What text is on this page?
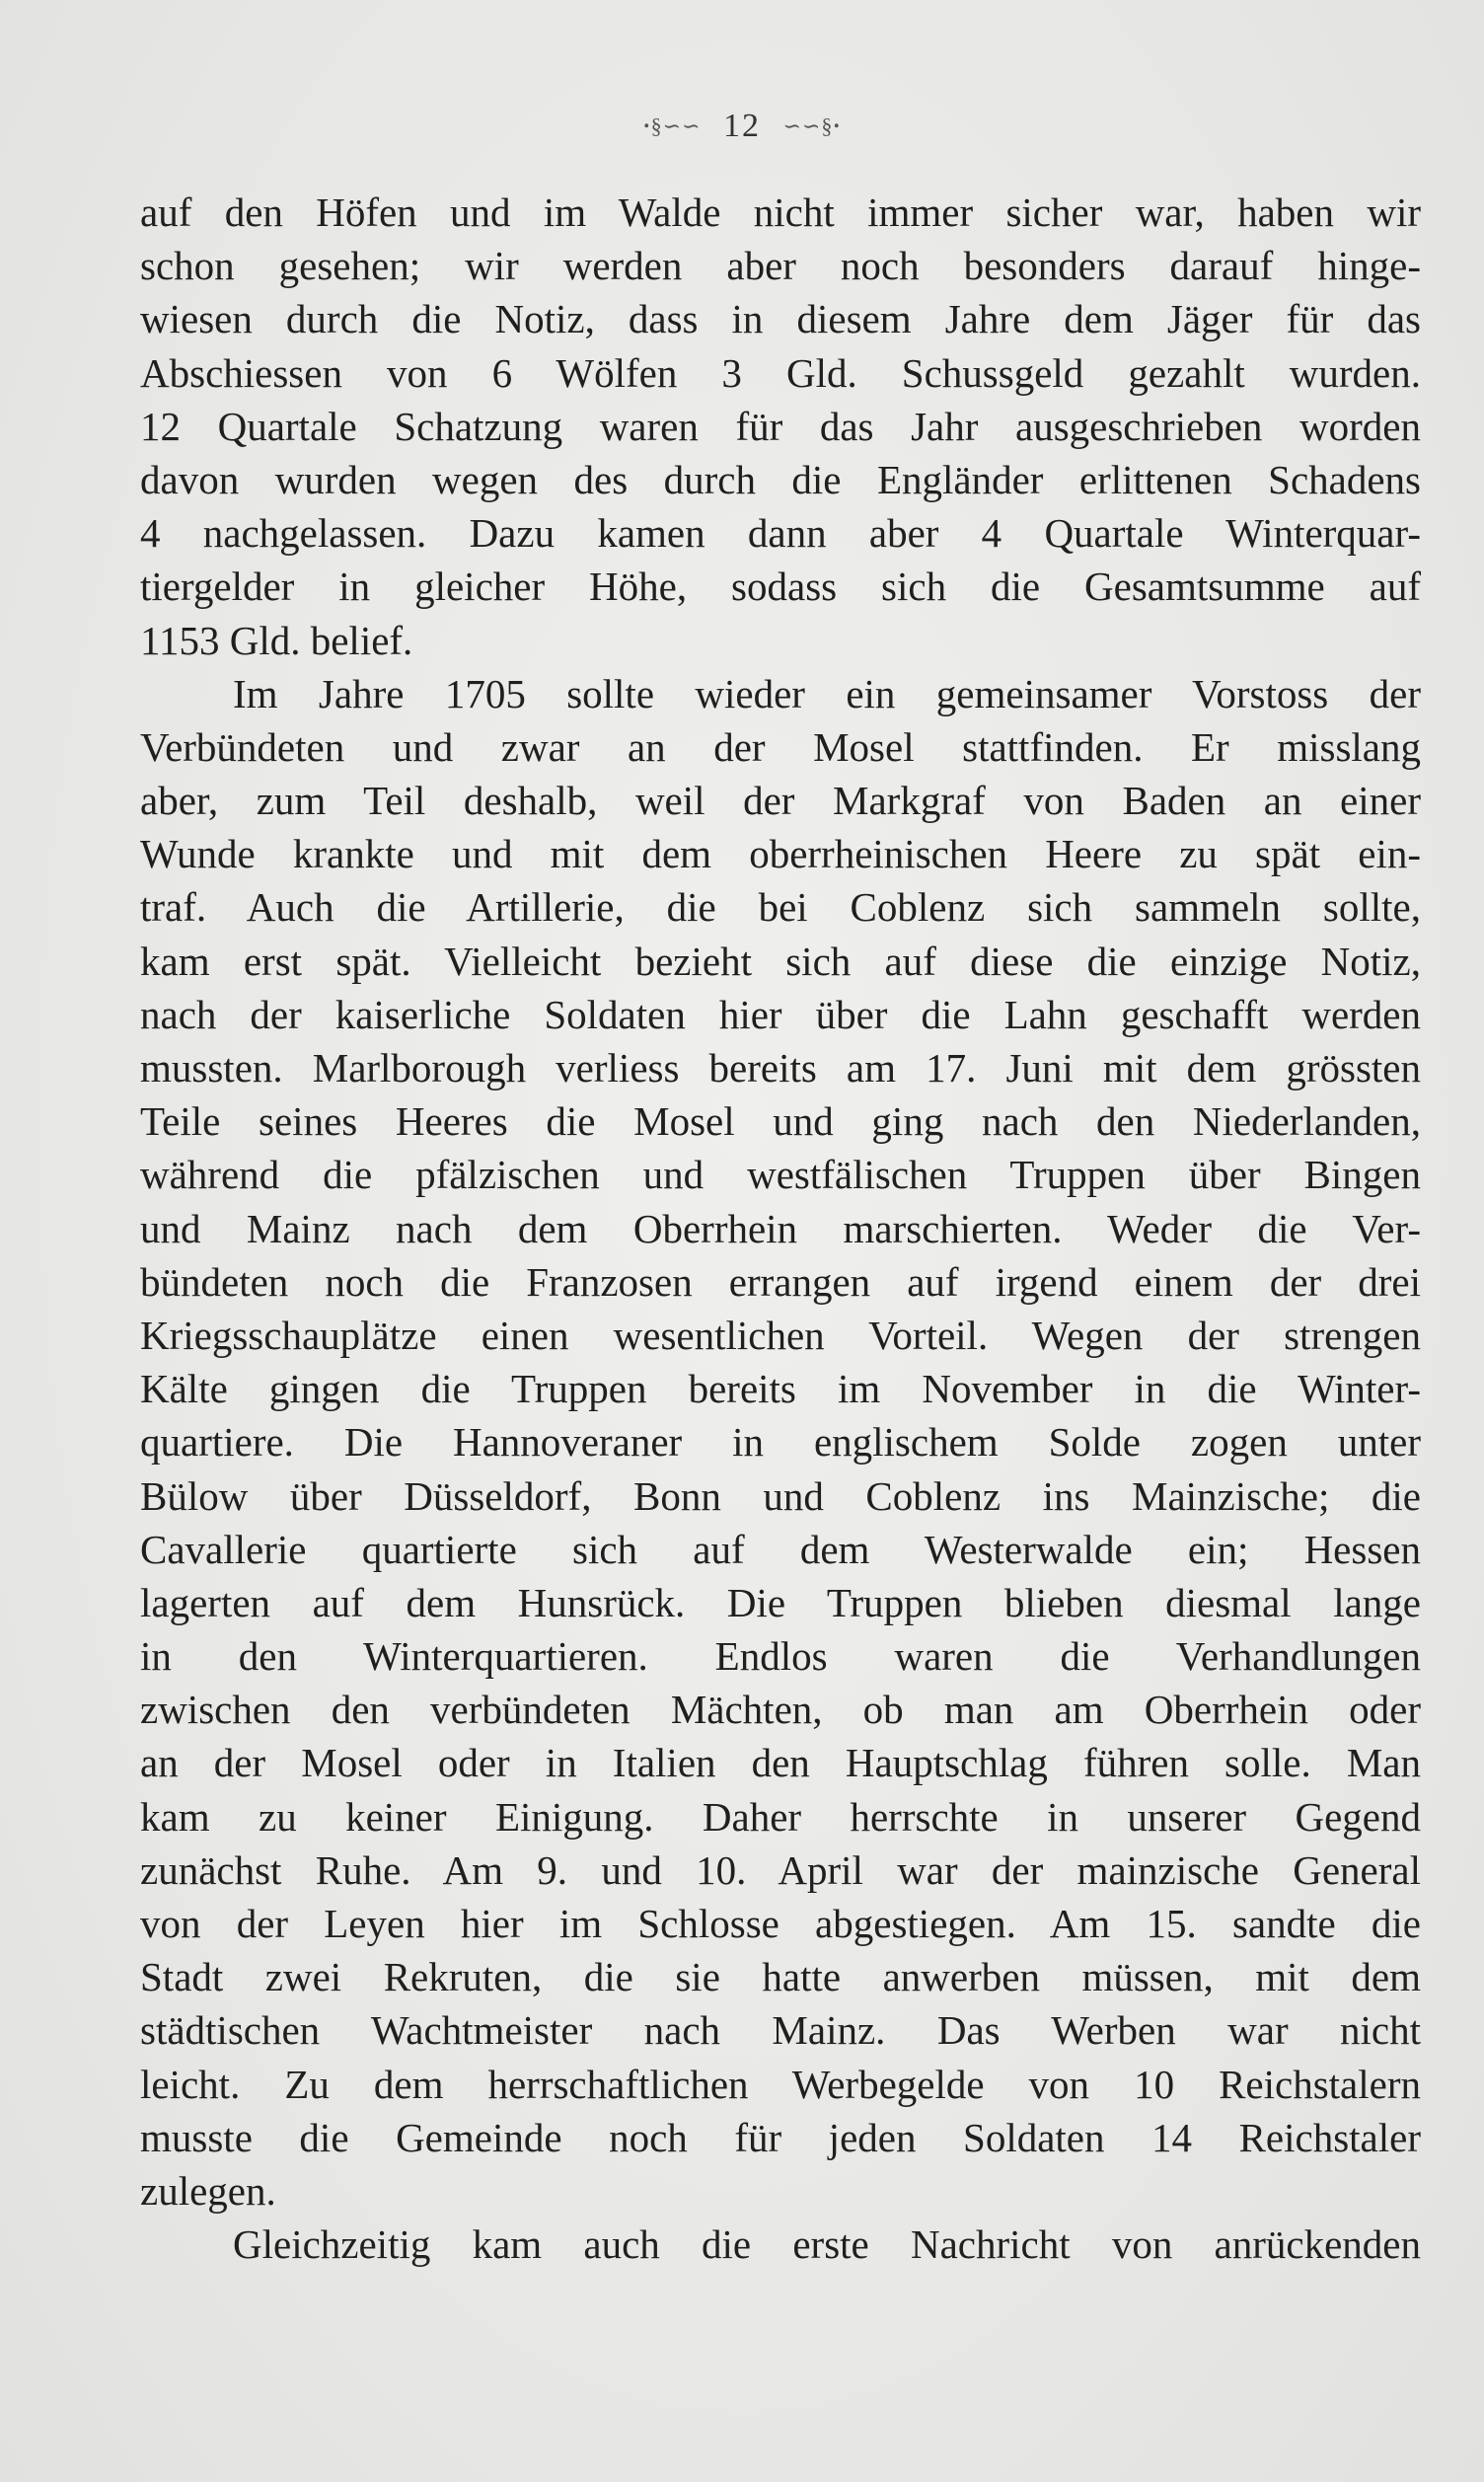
ꞏ§∽∽ 12 ∽∽§ꞏ
auf den Höfen und im Walde nicht immer sicher war, haben wir
schon gesehen; wir werden aber noch besonders darauf hinge-
wiesen durch die Notiz, dass in diesem Jahre dem Jäger für das
Abschiessen von 6 Wölfen 3 Gld. Schussgeld gezahlt wurden.
12 Quartale Schatzung waren für das Jahr ausgeschrieben worden
davon wurden wegen des durch die Engländer erlittenen Schadens
4 nachgelassen. Dazu kamen dann aber 4 Quartale Winterquar-
tiergelder in gleicher Höhe, sodass sich die Gesamtsumme auf
1153 Gld. belief.
Im Jahre 1705 sollte wieder ein gemeinsamer Vorstoss der
Verbündeten und zwar an der Mosel stattfinden. Er misslang
aber, zum Teil deshalb, weil der Markgraf von Baden an einer
Wunde krankte und mit dem oberrheinischen Heere zu spät ein-
traf. Auch die Artillerie, die bei Coblenz sich sammeln sollte,
kam erst spät. Vielleicht bezieht sich auf diese die einzige Notiz,
nach der kaiserliche Soldaten hier über die Lahn geschafft werden
mussten. Marlborough verliess bereits am 17. Juni mit dem grössten
Teile seines Heeres die Mosel und ging nach den Niederlanden,
während die pfälzischen und westfälischen Truppen über Bingen
und Mainz nach dem Oberrhein marschierten. Weder die Ver-
bündeten noch die Franzosen errangen auf irgend einem der drei
Kriegsschauplätze einen wesentlichen Vorteil. Wegen der strengen
Kälte gingen die Truppen bereits im November in die Winter-
quartiere. Die Hannoveraner in englischem Solde zogen unter
Bülow über Düsseldorf, Bonn und Coblenz ins Mainzische; die
Cavallerie quartierte sich auf dem Westerwalde ein; Hessen
lagerten auf dem Hunsrück. Die Truppen blieben diesmal lange
in den Winterquartieren. Endlos waren die Verhandlungen
zwischen den verbündeten Mächten, ob man am Oberrhein oder
an der Mosel oder in Italien den Hauptschlag führen solle. Man
kam zu keiner Einigung. Daher herrschte in unserer Gegend
zunächst Ruhe. Am 9. und 10. April war der mainzische General
von der Leyen hier im Schlosse abgestiegen. Am 15. sandte die
Stadt zwei Rekruten, die sie hatte anwerben müssen, mit dem
städtischen Wachtmeister nach Mainz. Das Werben war nicht
leicht. Zu dem herrschaftlichen Werbegelde von 10 Reichstalern
musste die Gemeinde noch für jeden Soldaten 14 Reichstaler
zulegen.
Gleichzeitig kam auch die erste Nachricht von anrückenden
